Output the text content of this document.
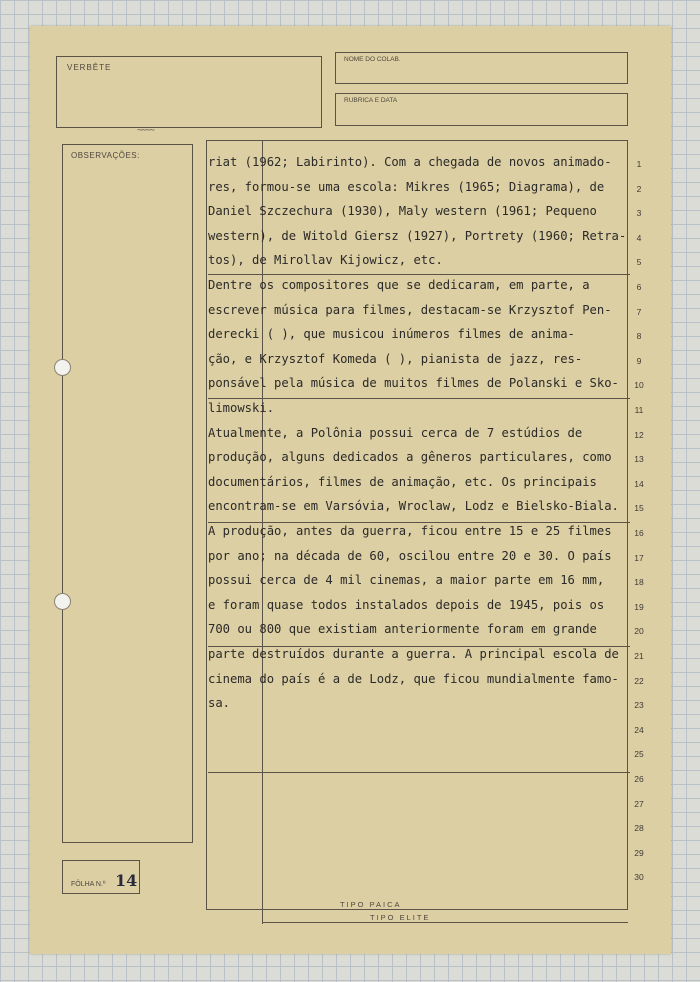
VERBÊTE
~~~~
NOME DO COLAB.
RUBRICA E DATA
OBSERVAÇÕES:	riat (1962; Labirinto). Com a chegada de novos animado-
res, formou-se uma escola: Mikres (1965; Diagrama), de
Daniel Szczechura (1930), Maly western (1961; Pequeno
western), de Witold Giersz (1927), Portrety (1960; Retra-
tos), de Mirollav Kijowicz, etc.
Dentre os compositores que se dedicaram, em parte, a
escrever música para filmes, destacam-se Krzysztof Pen-
derecki ( ), que musicou inúmeros filmes de anima-
ção, e Krzysztof Komeda ( ), pianista de jazz, res-
ponsável pela música de muitos filmes de Polanski e Sko-
limowski.
Atualmente, a Polônia possui cerca de 7 estúdios de
produção, alguns dedicados a gêneros particulares, como
documentários, filmes de animação, etc. Os principais
encontram-se em Varsóvia, Wroclaw, Lodz e Bielsko-Biala.
A produção, antes da guerra, ficou entre 15 e 25 filmes
por ano; na década de 60, oscilou entre 20 e 30. O país
possui cerca de 4 mil cinemas, a maior parte em 16 mm,
e foram quase todos instalados depois de 1945, pois os
700 ou 800 que existiam anteriormente foram em grande
parte destruídos durante a guerra. A principal escola de
cinema do país é a de Lodz, que ficou mundialmente famo-
sa.
1
2
3
4
5
6
7
8
9
10
11
12
13
14
15
16
17
18
19
20
21
22
23
24
25
26
27
28
29
30
TIPO PAICA
TIPO ELITE
FÔLHA N.º 14
